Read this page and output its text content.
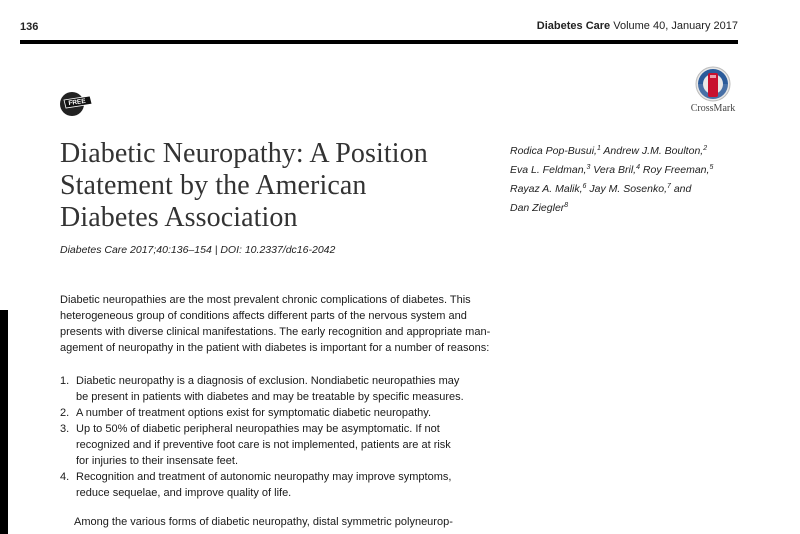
136	Diabetes Care Volume 40, January 2017
FREE
CrossMark
Diabetic Neuropathy: A Position
Statement by the American
Diabetes Association
Rodica Pop-Busui,$^1$ Andrew J.M. Boulton,$^2$
Eva L. Feldman,$^3$ Vera Bril,$^4$ Roy Freeman,$^5$
Rayaz A. Malik,$^6$ Jay M. Sosenko,$^7$ and
Dan Ziegler$^8$
Diabetes Care 2017;40:136–154 | DOI: 10.2337/dc16-2042
Diabetic neuropathies are the most prevalent chronic complications of diabetes. This
heterogeneous group of conditions affects different parts of the nervous system and
presents with diverse clinical manifestations. The early recognition and appropriate man-
agement of neuropathy in the patient with diabetes is important for a number of reasons:
1. Diabetic neuropathy is a diagnosis of exclusion. Nondiabetic neuropathies may
be present in patients with diabetes and may be treatable by specific measures.
2. A number of treatment options exist for symptomatic diabetic neuropathy.
3. Up to 50% of diabetic peripheral neuropathies may be asymptomatic. If not
recognized and if preventive foot care is not implemented, patients are at risk
for injuries to their insensate feet.
4. Recognition and treatment of autonomic neuropathy may improve symptoms,
reduce sequelae, and improve quality of life.
Among the various forms of diabetic neuropathy, distal symmetric polyneurop-
